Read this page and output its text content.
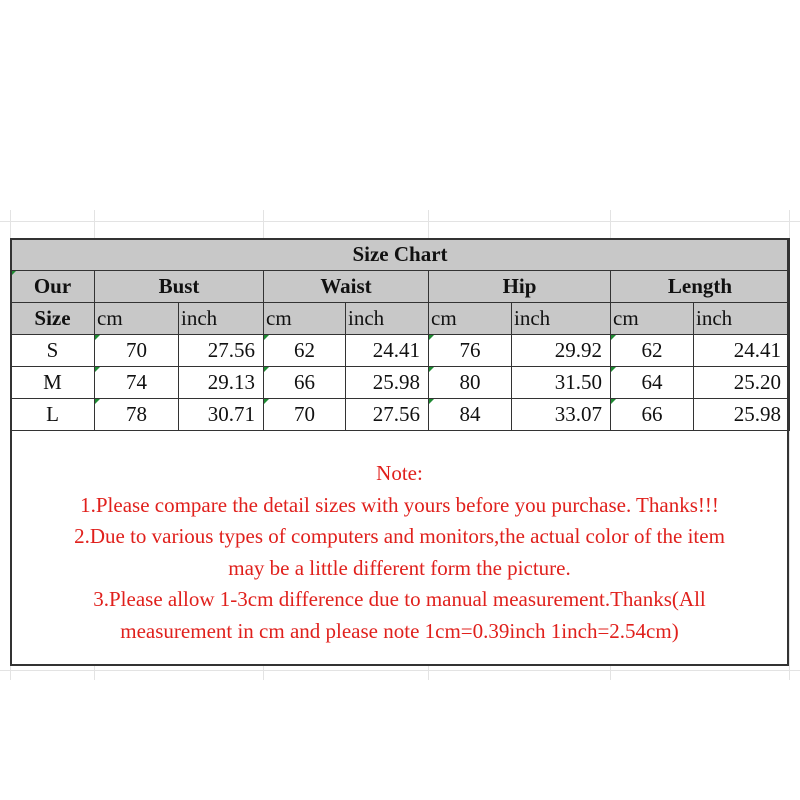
Size Chart								
Our	Bust		Waist		Hip		Length	
Size	cm	inch	cm	inch	cm	inch	cm	inch
S	70	27.56	62	24.41	76	29.92	62	24.41
M	74	29.13	66	25.98	80	31.50	64	25.20
L	78	30.71	70	27.56	84	33.07	66	25.98
Note:
1.Please compare the detail sizes with yours before you purchase. Thanks!!!
2.Due to various types of computers and monitors,the actual color of the item
may be a little different form the picture.
3.Please allow 1-3cm difference due to manual measurement.Thanks(All
measurement in cm and please note 1cm=0.39inch 1inch=2.54cm)
